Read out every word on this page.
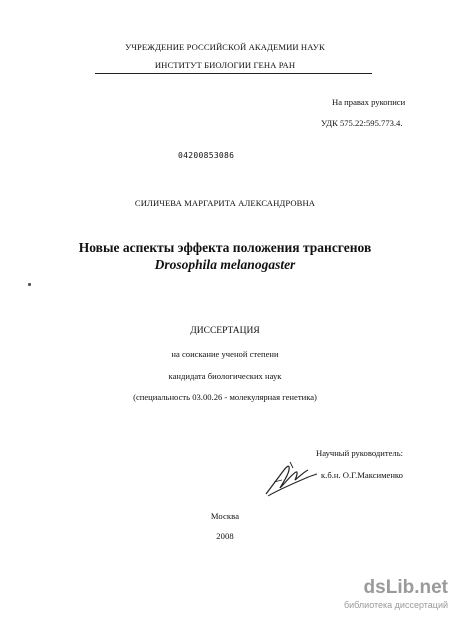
УЧРЕЖДЕНИЕ РОССИЙСКОЙ АКАДЕМИИ НАУК
ИНСТИТУТ БИОЛОГИИ ГЕНА РАН
На правах рукописи
УДК 575.22:595.773.4.
04200853086
СИЛИЧЕВА МАРГАРИТА АЛЕКСАНДРОВНА
Новые аспекты эффекта положения трансгенов
Drosophila melanogaster
ДИССЕРТАЦИЯ
на соискание ученой степени
кандидата биологических наук
(специальность 03.00.26 - молекулярная генетика)
Научный руководитель:
к.б.н. О.Г.Максименко
Москва
2008
dsLib.net
библиотека диссертаций
